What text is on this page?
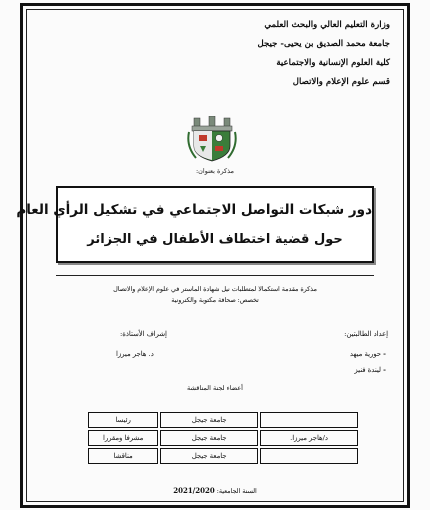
وزارة التعليم العالي والبحث العلمي
جامعة محمد الصديق بن يحيى- جيجل
كلية العلوم الإنسانية والاجتماعية
قسم علوم الإعلام والاتصال
مذكرة بعنوان:
دور شبكات التواصل الاجتماعي في تشكيل الرأي العام
حول قضية اختطاف الأطفال في الجزائر
مذكرة مقدمة استكمالا لمتطلبات نيل شهادة الماستر في علوم الإعلام والاتصال
تخصص: صحافة مكتوبة والكترونية
إعداد الطالبتين:
إشراف الأستاذة:
- حورية ميهد
- ليندة فنيز
د. هاجر ميرزا
أعضاء لجنة المناقشة
	جامعة جيجل	رئيسا
د/هاجر ميرزا.	جامعة جيجل	مشرفا ومقررا
	جامعة جيجل	مناقشا
السنة الجامعية: 2021/2020
